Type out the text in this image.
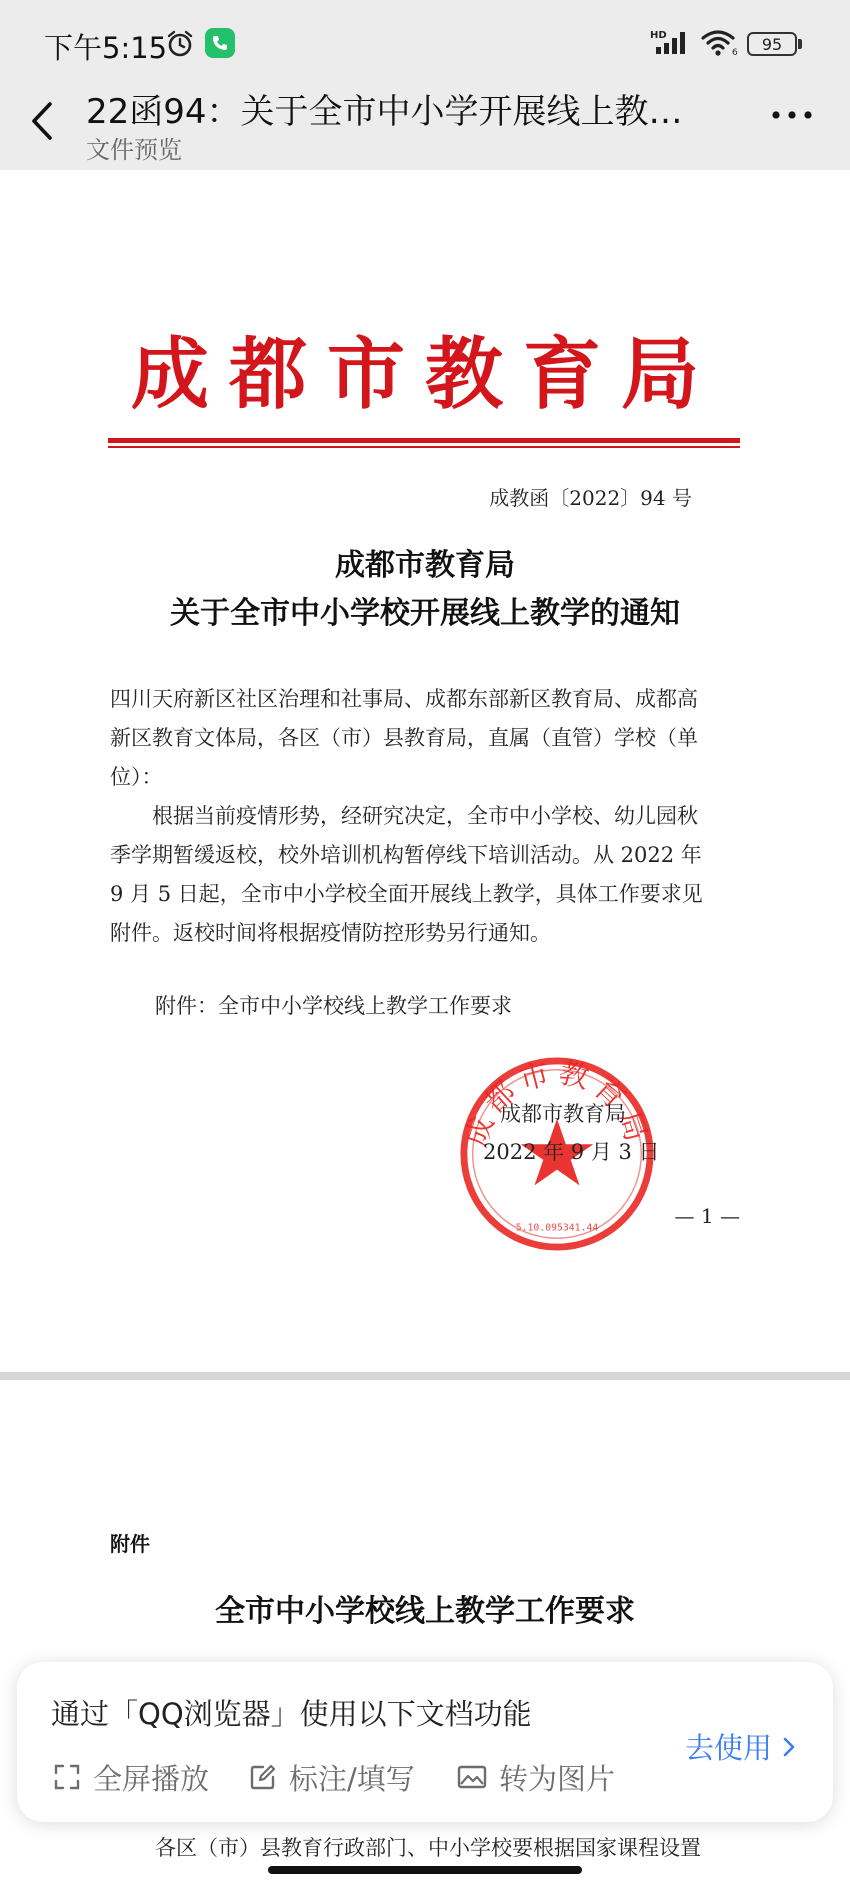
下午5:15	HD
6	95
22函94：关于全市中小学开展线上教…
文件预览
成都市教育局
成教函〔2022〕94 号
成都市教育局
关于全市中小学校开展线上教学的通知
四川天府新区社区治理和社事局、成都东部新区教育局、成都高
新区教育文体局，各区（市）县教育局，直属（直管）学校（单
位）：
根据当前疫情形势，经研究决定，全市中小学校、幼儿园秋
季学期暂缓返校，校外培训机构暂停线下培训活动。从 2022 年
9 月 5 日起，全市中小学校全面开展线上教学，具体工作要求见
附件。返校时间将根据疫情防控形势另行通知。
附件：全市中小学校线上教学工作要求
成都市教育局
5.10.095341.44
成都市教育局
2022 年 9 月 3 日
— 1 —
附件
全市中小学校线上教学工作要求
各区（市）县教育行政部门、中小学校要根据国家课程设置
通过「QQ浏览器」使用以下文档功能
全屏播放	标注/填写	转为图片
去使用
